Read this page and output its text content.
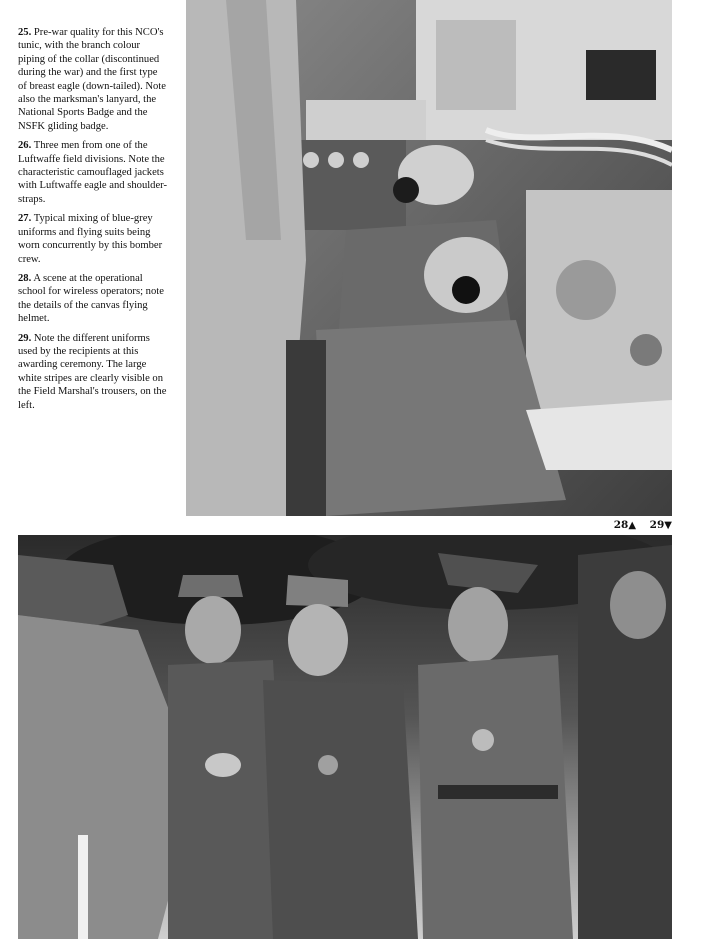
25. Pre-war quality for this NCO's tunic, with the branch colour piping of the collar (discontinued during the war) and the first type of breast eagle (down-tailed). Note also the marksman's lanyard, the National Sports Badge and the NSFK gliding badge.

26. Three men from one of the Luftwaffe field divisions. Note the characteristic camouflaged jackets with Luftwaffe eagle and shoulder-straps.

27. Typical mixing of blue-grey uniforms and flying suits being worn concurrently by this bomber crew.

28. A scene at the operational school for wireless operators; note the details of the canvas flying helmet.

29. Note the different uniforms used by the recipients at this awarding ceremony. The large white stripes are clearly visible on the Field Marshal's trousers, on the left.

28▲ 29▼
